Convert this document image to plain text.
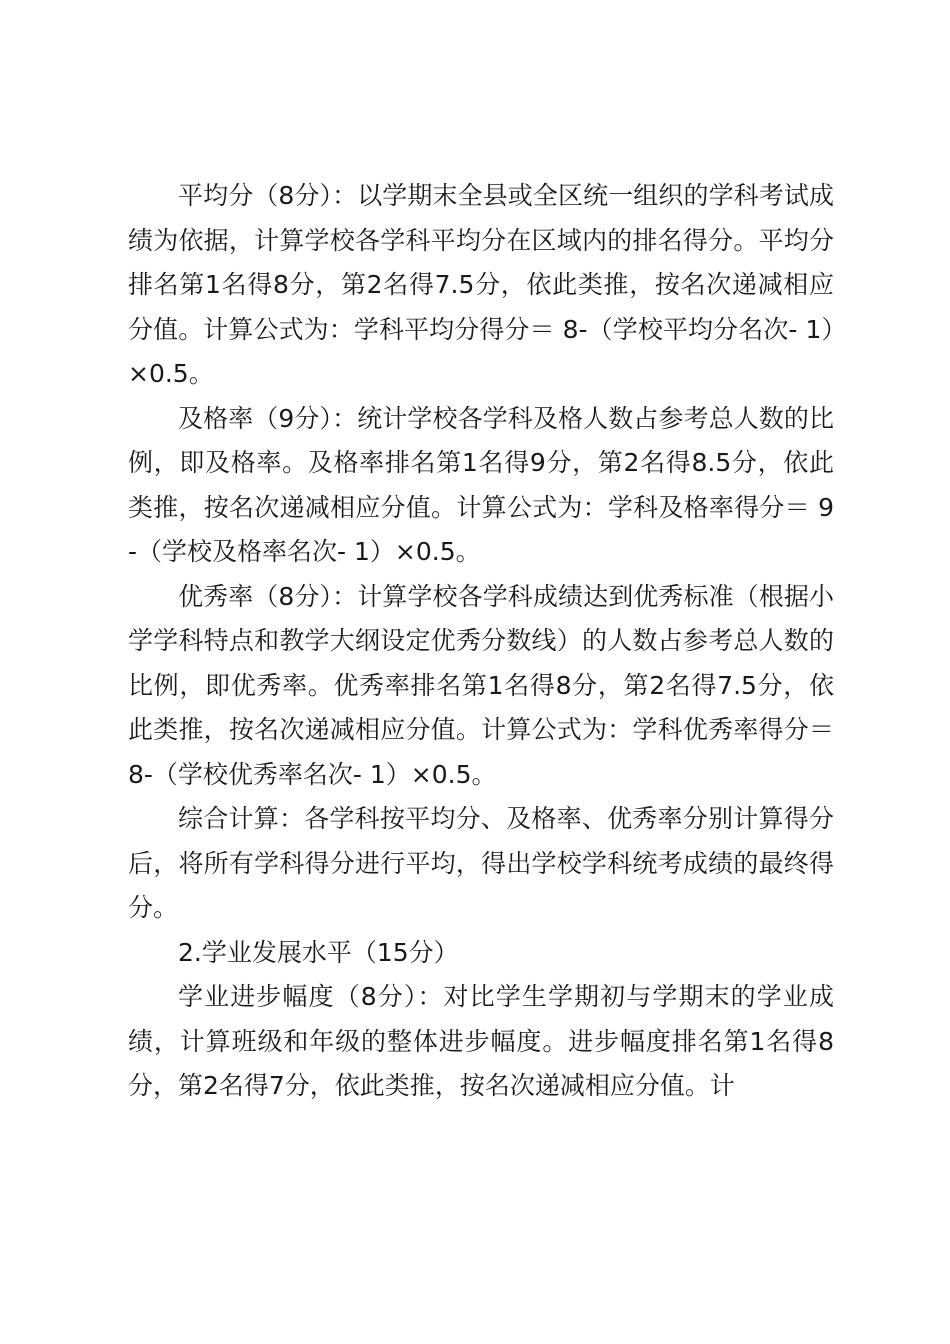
平均分（8分）：以学期末全县或全区统一组织的学科考试成绩为依据，计算学校各学科平均分在区域内的排名得分。平均分排名第1名得8分，第2名得7.5分，依此类推，按名次递减相应分值。计算公式为：学科平均分得分＝ 8-（学校平均分名次- 1）×0.5。

及格率（9分）：统计学校各学科及格人数占参考总人数的比例，即及格率。及格率排名第1名得9分，第2名得8.5分，依此类推，按名次递减相应分值。计算公式为：学科及格率得分＝ 9-（学校及格率名次- 1）×0.5。

优秀率（8分）：计算学校各学科成绩达到优秀标准（根据小学学科特点和教学大纲设定优秀分数线）的人数占参考总人数的比例，即优秀率。优秀率排名第1名得8分，第2名得7.5分，依此类推，按名次递减相应分值。计算公式为：学科优秀率得分＝ 8-（学校优秀率名次- 1）×0.5。

综合计算：各学科按平均分、及格率、优秀率分别计算得分后，将所有学科得分进行平均，得出学校学科统考成绩的最终得分。

2.学业发展水平（15分）

学业进步幅度（8分）：对比学生学期初与学期末的学业成绩，计算班级和年级的整体进步幅度。进步幅度排名第1名得8分，第2名得7分，依此类推，按名次递减相应分值。计
